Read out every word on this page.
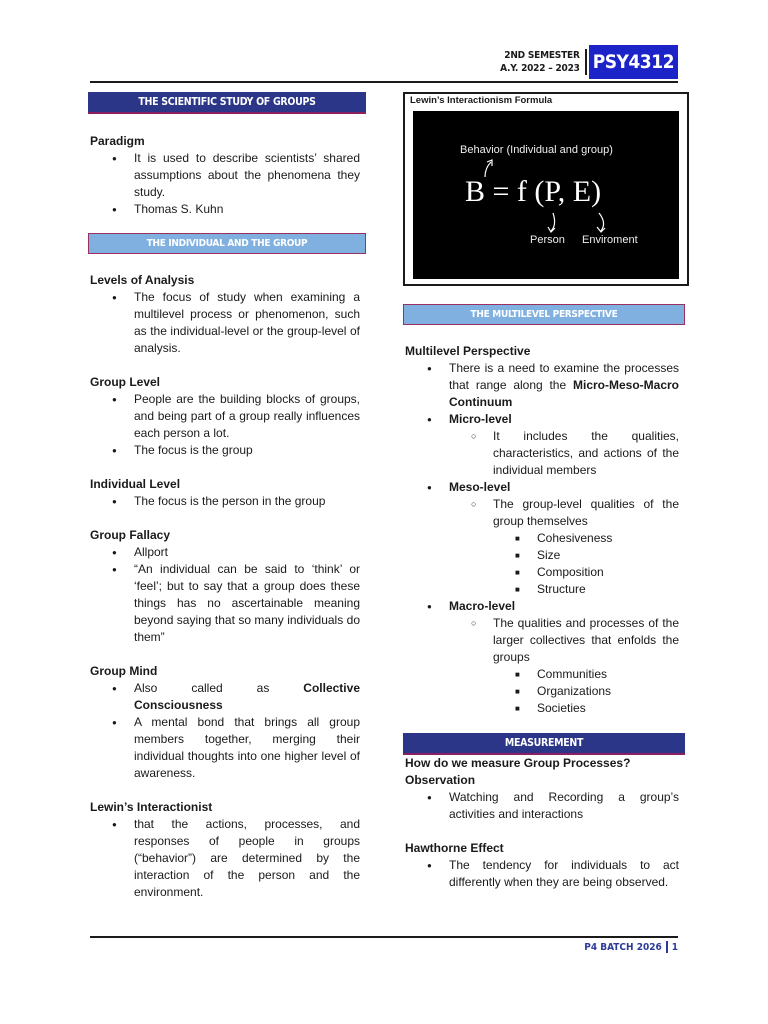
2ND SEMESTER
A.Y. 2022 – 2023 PSY4312
THE SCIENTIFIC STUDY OF GROUPS
Paradigm
● It is used to describe scientists’ shared assumptions about the phenomena they study.
● Thomas S. Kuhn
THE INDIVIDUAL AND THE GROUP
Levels of Analysis
● The focus of study when examining a multilevel process or phenomenon, such as the individual-level or the group-level of analysis.
Group Level
● People are the building blocks of groups, and being part of a group really influences each person a lot.
● The focus is the group
Individual Level
● The focus is the person in the group
Group Fallacy
● Allport
● “An individual can be said to ‘think’ or ‘feel’; but to say that a group does these things has no ascertainable meaning beyond saying that so many individuals do them”
Group Mind
● Also called as Collective Consciousness
● A mental bond that brings all group members together, merging their individual thoughts into one higher level of awareness.
Lewin’s Interactionist
● that the actions, processes, and responses of people in groups (“behavior”) are determined by the interaction of the person and the environment.
Lewin’s Interactionism Formula
Behavior (Individual and group)
B = f (P, E)
Person Enviroment
THE MULTILEVEL PERSPECTIVE
Multilevel Perspective
● There is a need to examine the processes that range along the Micro-Meso-Macro Continuum
● Micro-level
○ It includes the qualities, characteristics, and actions of the individual members
● Meso-level
○ The group-level qualities of the group themselves
■ Cohesiveness
■ Size
■ Composition
■ Structure
● Macro-level
○ The qualities and processes of the larger collectives that enfolds the groups
■ Communities
■ Organizations
■ Societies
MEASUREMENT
How do we measure Group Processes?
Observation
● Watching and Recording a group’s activities and interactions
Hawthorne Effect
● The tendency for individuals to act differently when they are being observed.
P4 BATCH 2026 1
